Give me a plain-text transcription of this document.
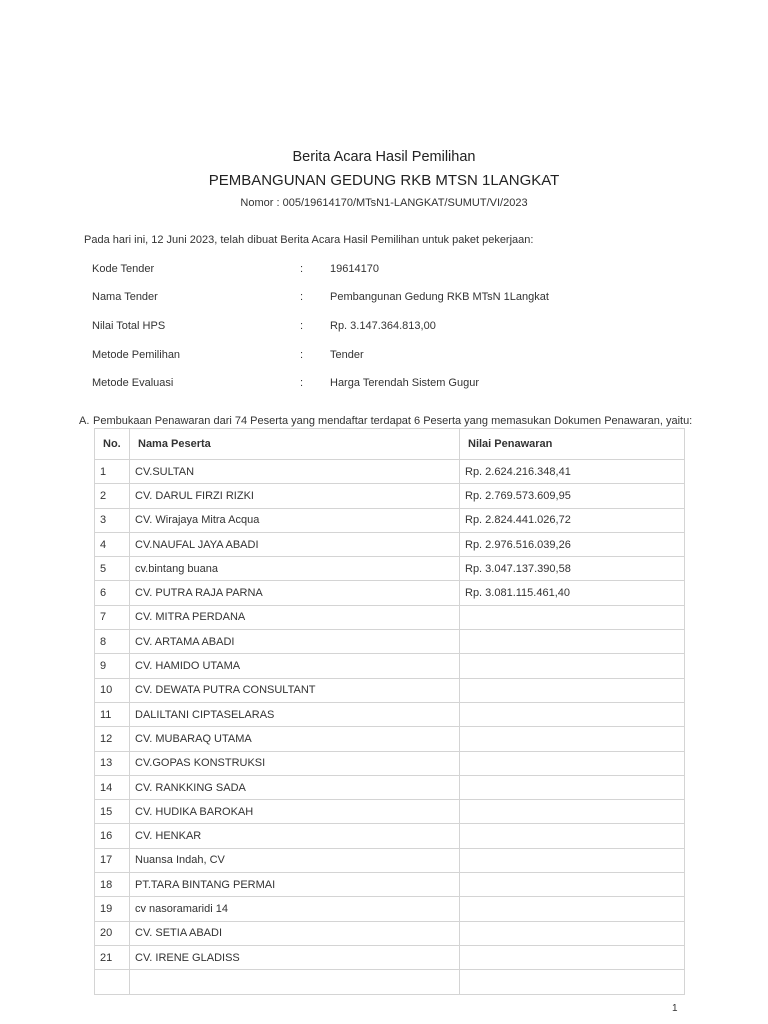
Berita Acara Hasil Pemilihan
PEMBANGUNAN GEDUNG RKB MTSN 1LANGKAT
Nomor : 005/19614170/MTsN1-LANGKAT/SUMUT/VI/2023
Pada hari ini, 12 Juni 2023, telah dibuat Berita Acara Hasil Pemilihan untuk paket pekerjaan:
Kode Tender	: 19614170
Nama Tender	: Pembangunan Gedung RKB MTsN 1Langkat
Nilai Total HPS	: Rp. 3.147.364.813,00
Metode Pemilihan	: Tender
Metode Evaluasi	: Harga Terendah Sistem Gugur
A. Pembukaan Penawaran dari 74 Peserta yang mendaftar terdapat 6 Peserta yang memasukan Dokumen Penawaran, yaitu:
No.	Nama Peserta	Nilai Penawaran
1	CV.SULTAN	Rp. 2.624.216.348,41
2	CV. DARUL FIRZI RIZKI	Rp. 2.769.573.609,95
3	CV. Wirajaya Mitra Acqua	Rp. 2.824.441.026,72
4	CV.NAUFAL JAYA ABADI	Rp. 2.976.516.039,26
5	cv.bintang buana	Rp. 3.047.137.390,58
6	CV. PUTRA RAJA PARNA	Rp. 3.081.115.461,40
7	CV. MITRA PERDANA	
8	CV. ARTAMA ABADI	
9	CV. HAMIDO UTAMA	
10	CV. DEWATA PUTRA CONSULTANT	
11	DALILTANI CIPTASELARAS	
12	CV. MUBARAQ UTAMA	
13	CV.GOPAS KONSTRUKSI	
14	CV. RANKKING SADA	
15	CV. HUDIKA BAROKAH	
16	CV. HENKAR	
17	Nuansa Indah, CV	
18	PT.TARA BINTANG PERMAI	
19	cv nasoramaridi 14	
20	CV. SETIA ABADI	
21	CV. IRENE GLADISS	

1
